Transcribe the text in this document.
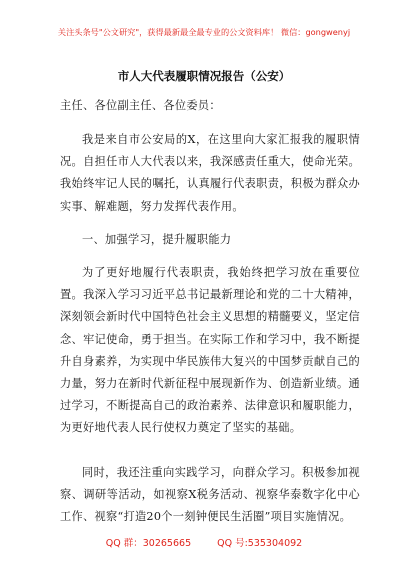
关注头条号"公文研究"，获得最新最全最专业的公文资料库！ 微信：gongwenyj
市人大代表履职情况报告（公安）
主任、各位副主任、各位委员：

我是来自市公安局的X，在这里向大家汇报我的履职情况。自担任市人大代表以来，我深感责任重大，使命光荣。我始终牢记人民的嘱托，认真履行代表职责，积极为群众办实事、解难题，努力发挥代表作用。

一、加强学习，提升履职能力

为了更好地履行代表职责，我始终把学习放在重要位置。我深入学习习近平总书记最新理论和党的二十大精神，深刻领会新时代中国特色社会主义思想的精髓要义，坚定信念、牢记使命，勇于担当。在实际工作和学习中，我不断提升自身素养，为实现中华民族伟大复兴的中国梦贡献自己的力量，努力在新时代新征程中展现新作为、创造新业绩。通过学习，不断提高自己的政治素养、法律意识和履职能力，为更好地代表人民行使权力奠定了坚实的基础。

同时，我还注重向实践学习，向群众学习。积极参加视察、调研等活动，如视察X税务活动、视察华泰数字化中心工作、视察“打造20个一刻钟便民生活圈”项目实施情况。

QQ 群：30265665	QQ 号:535304092
